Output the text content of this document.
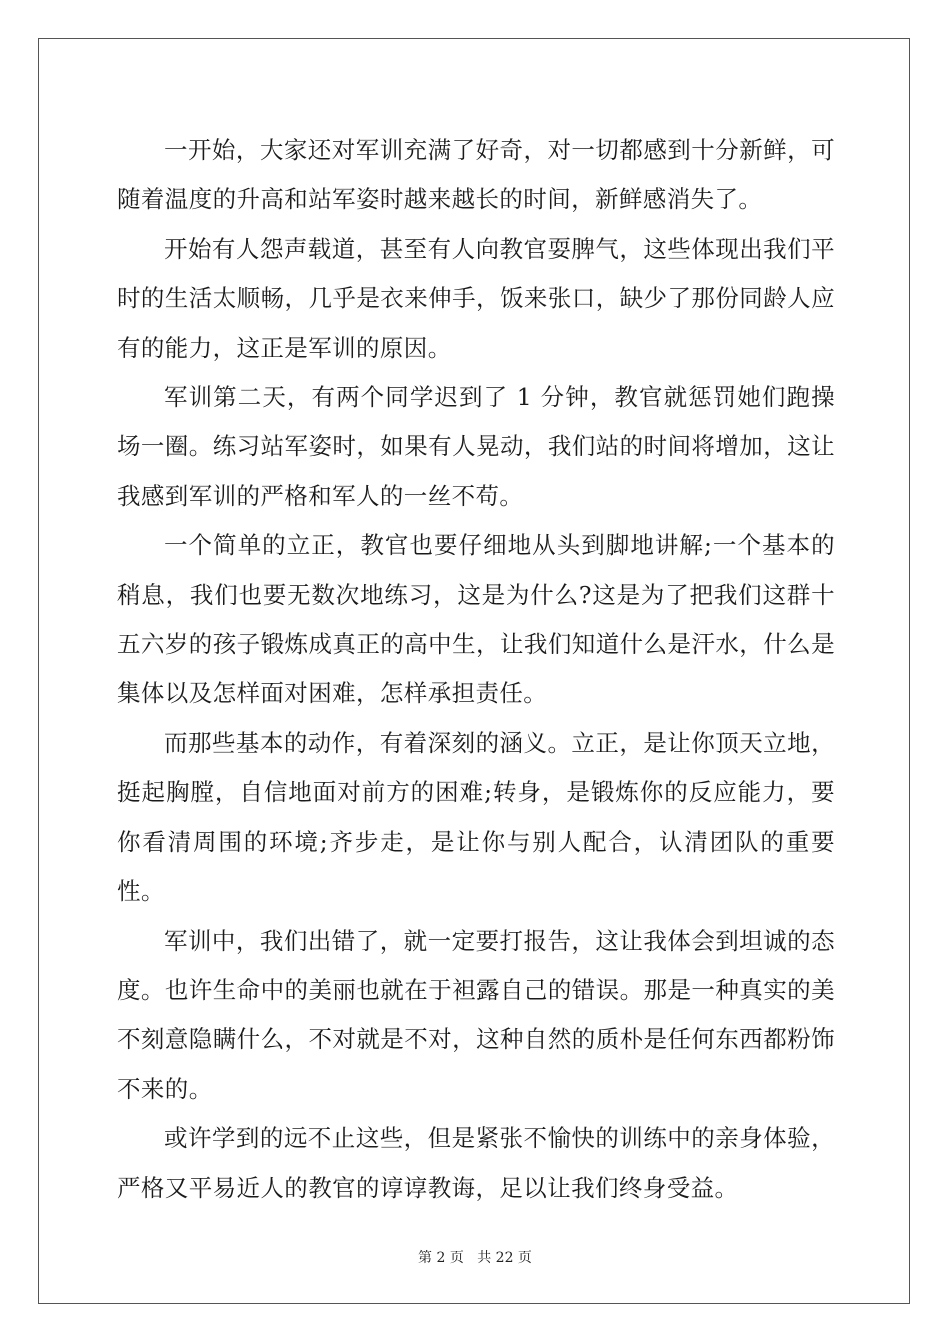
一开始，大家还对军训充满了好奇，对一切都感到十分新鲜，可随着温度的升高和站军姿时越来越长的时间，新鲜感消失了。

开始有人怨声载道，甚至有人向教官耍脾气，这些体现出我们平时的生活太顺畅，几乎是衣来伸手，饭来张口，缺少了那份同龄人应有的能力，这正是军训的原因。

军训第二天，有两个同学迟到了 1 分钟，教官就惩罚她们跑操场一圈。练习站军姿时，如果有人晃动，我们站的时间将增加，这让我感到军训的严格和军人的一丝不苟。

一个简单的立正，教官也要仔细地从头到脚地讲解;一个基本的稍息，我们也要无数次地练习，这是为什么?这是为了把我们这群十五六岁的孩子锻炼成真正的高中生，让我们知道什么是汗水，什么是集体以及怎样面对困难，怎样承担责任。

而那些基本的动作，有着深刻的涵义。立正，是让你顶天立地，挺起胸膛，自信地面对前方的困难;转身，是锻炼你的反应能力，要你看清周围的环境;齐步走，是让你与别人配合，认清团队的重要性。

军训中，我们出错了，就一定要打报告，这让我体会到坦诚的态度。也许生命中的美丽也就在于袒露自己的错误。那是一种真实的美不刻意隐瞒什么，不对就是不对，这种自然的质朴是任何东西都粉饰不来的。

或许学到的远不止这些，但是紧张不愉快的训练中的亲身体验，严格又平易近人的教官的谆谆教诲，足以让我们终身受益。

第 2 页 共 22 页
